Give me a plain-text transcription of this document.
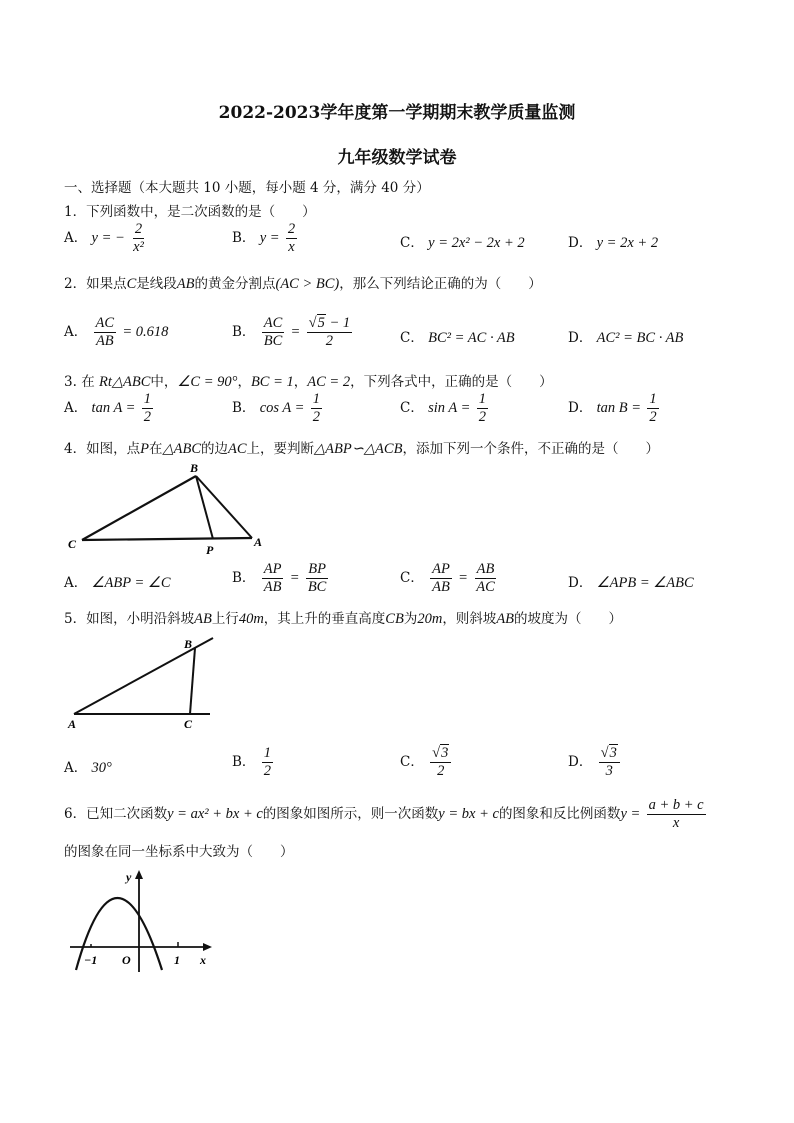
2022-2023学年度第一学期期末教学质量监测
九年级数学试卷
一、选择题（本大题共 10 小题，每小题 4 分，满分 40 分）
1．下列函数中，是二次函数的是（　　）
A． y = − $\frac{2}{\text{x²}}$	B． $y = \frac{2}{x}$	C． y = 2x² − 2x + 2	D． y = 2x + 2
2．如果点C是线段AB的黄金分割点(AC > BC)，那么下列结论正确的为（　　）
A． $\frac{AC}{AB} = 0.618$	B． $\frac{AC}{BC} = \frac{√5 - 1}{2}$	C． BC² = AC · AB	D． AC² = BC · AB
3. 在 Rt△ABC中，∠C = 90°，BC = 1，AC = 2，下列各式中，正确的是（　　）
A． $\tan A = \frac{1}{2}$	B． $\cos A = \frac{1}{2}$	C． $\sin A = \frac{1}{2}$	D． $\tan B = \frac{1}{2}$
4．如图，点P在△ABC的边AC上，要判断△ABP∽△ACB，添加下列一个条件，不正确的是（　　）
B
C	P
A
A． ∠ABP = ∠C	B． $\frac{AP}{AB} = \frac{BP}{BC}$	C． $\frac{AP}{AB} = \frac{AB}{AC}$	D． ∠APB = ∠ABC
5．如图，小明沿斜坡AB上行40m，其上升的垂直高度CB为20m，则斜坡AB的坡度为（　　）
B
A	C
A． 30°	B． $\frac{1}{2}$	C． $\frac{√3}{2}$	D． $\frac{√3}{3}$
6．已知二次函数y = ax² + bx + c的图象如图所示，则一次函数y = bx + c的图象和反比例函数$y = \frac{a + b + c}{x}$
的图象在同一坐标系中大致为（　　）
y
x
O
−1	1
